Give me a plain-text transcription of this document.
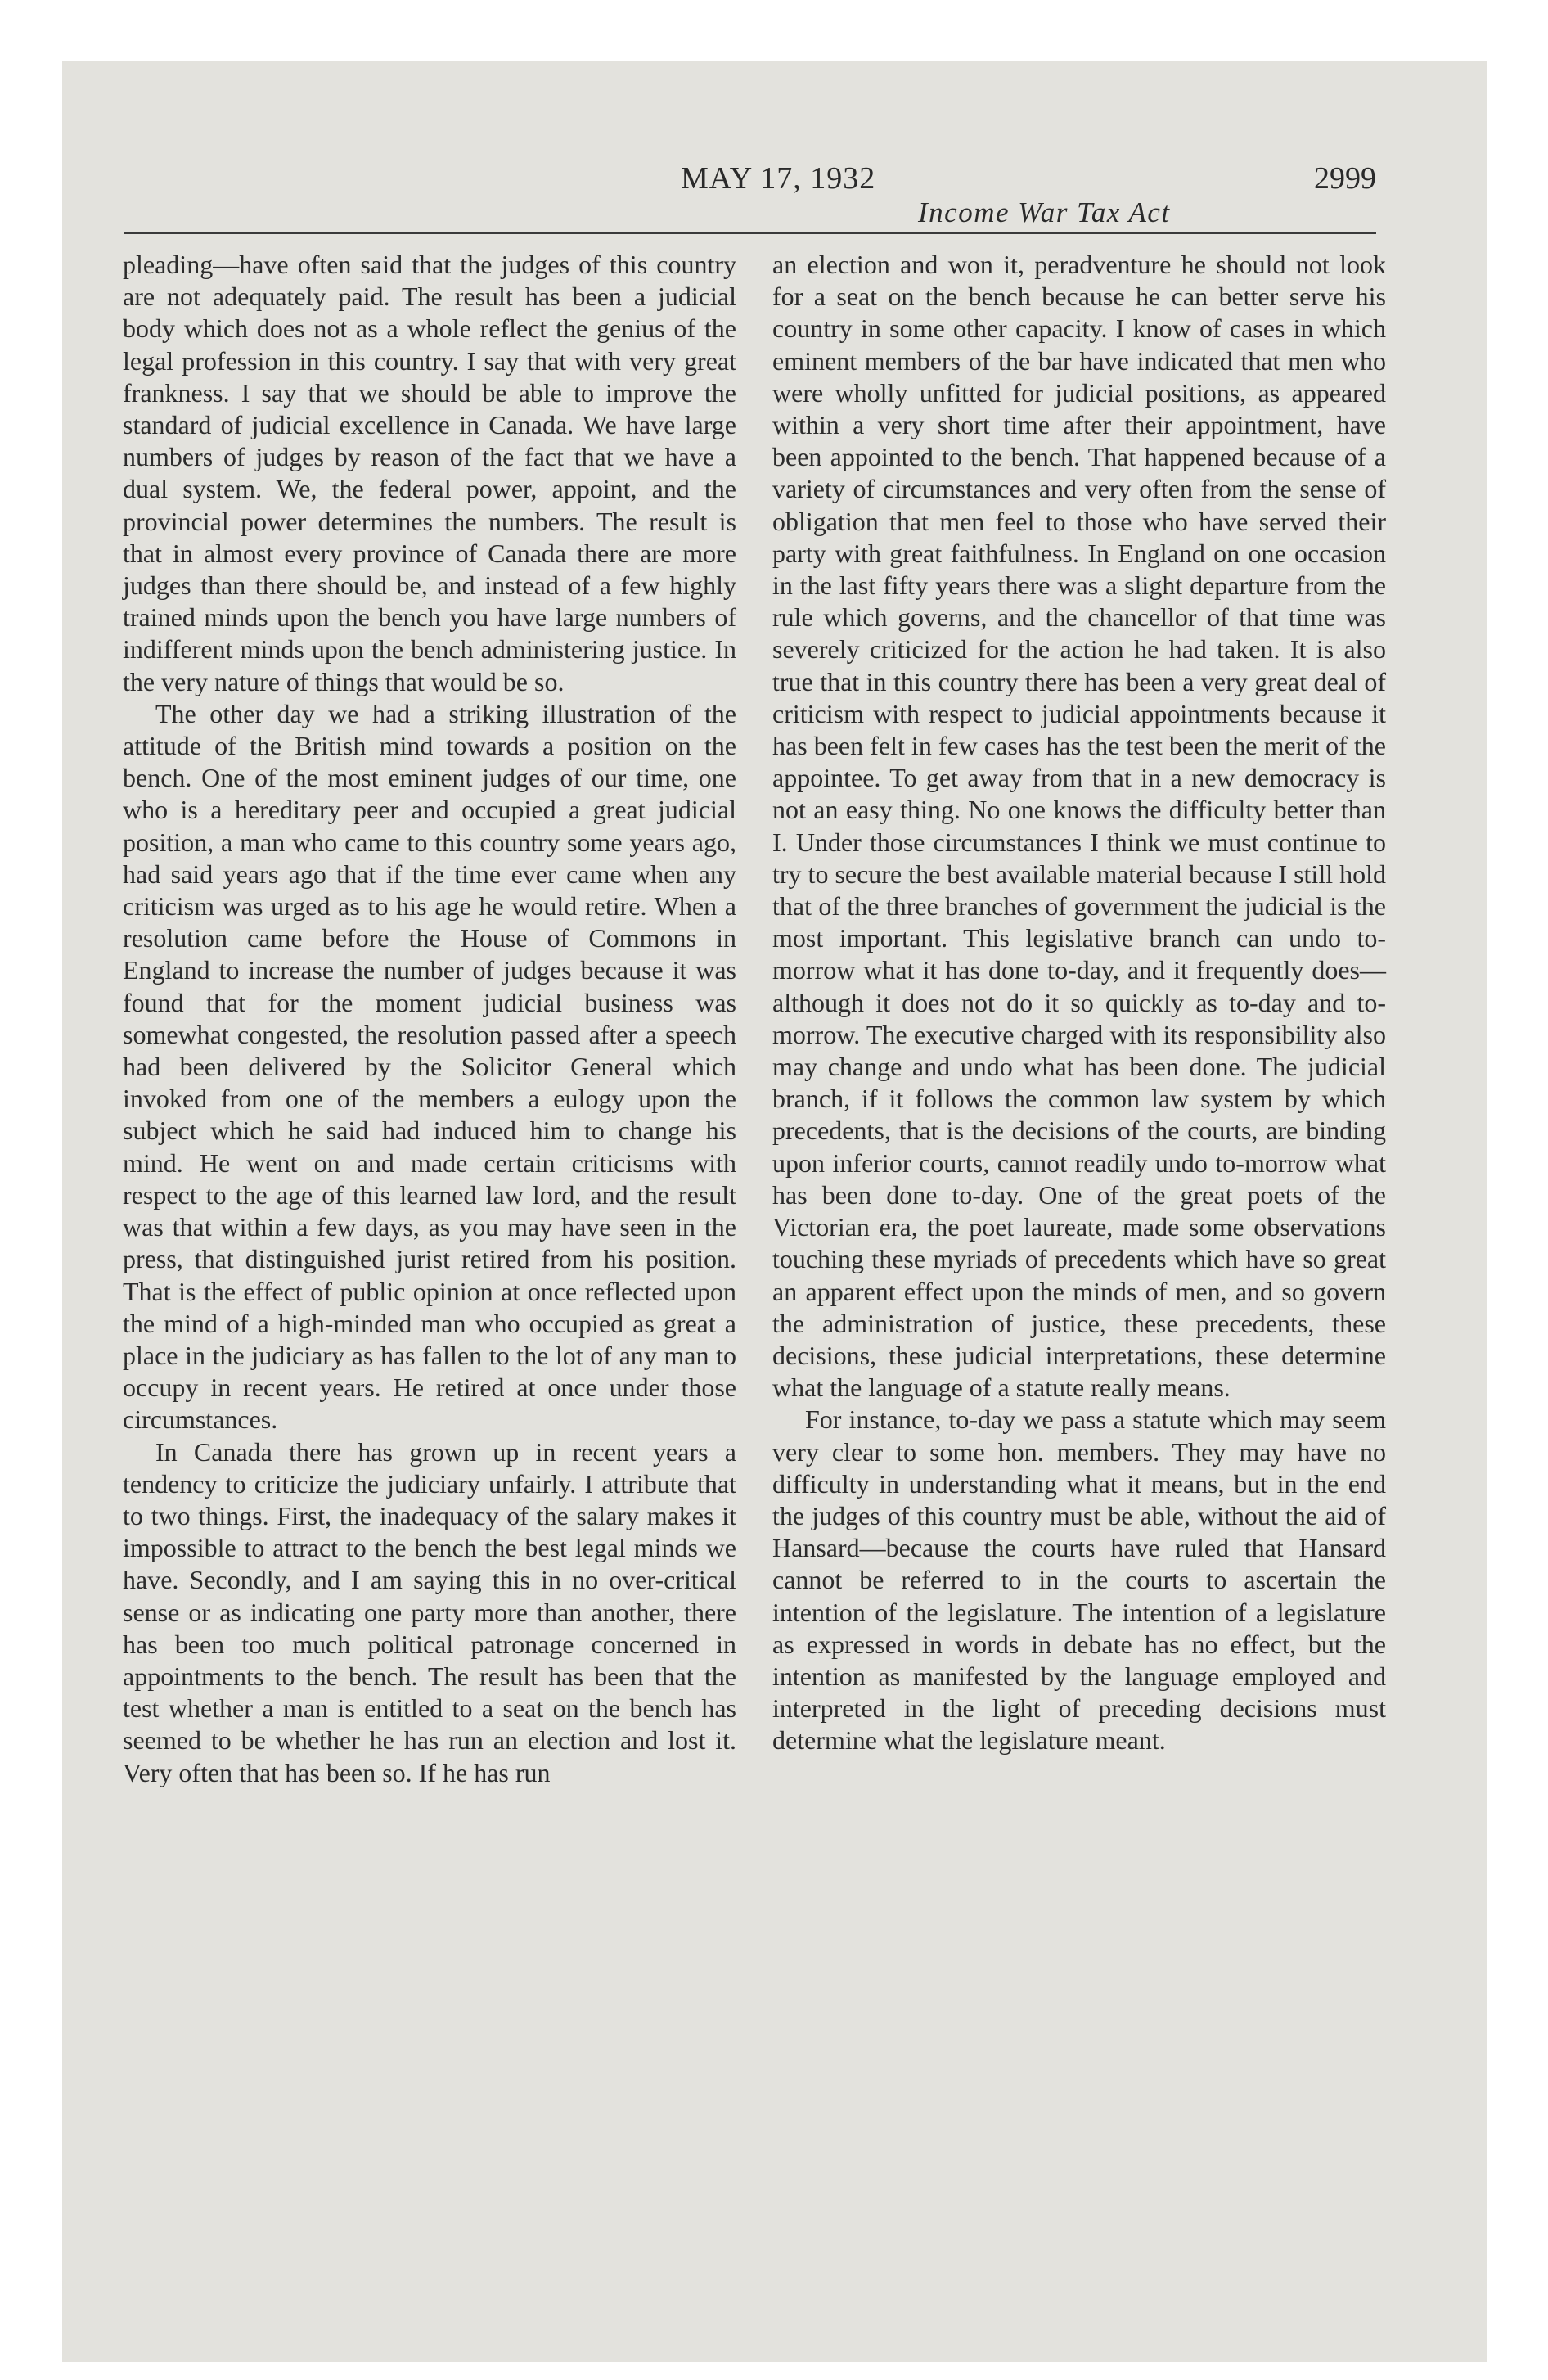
MAY 17, 1932	2999
Income War Tax Act

pleading—have often said that the judges of this country are not adequately paid. The result has been a judicial body which does not as a whole reflect the genius of the legal profession in this country. I say that with very great frankness. I say that we should be able to improve the standard of judicial excellence in Canada. We have large numbers of judges by reason of the fact that we have a dual system. We, the federal power, appoint, and the provincial power determines the numbers. The result is that in almost every province of Canada there are more judges than there should be, and instead of a few highly trained minds upon the bench you have large numbers of indifferent minds upon the bench administering justice. In the very nature of things that would be so.

The other day we had a striking illustration of the attitude of the British mind towards a position on the bench. One of the most eminent judges of our time, one who is a hereditary peer and occupied a great judicial position, a man who came to this country some years ago, had said years ago that if the time ever came when any criticism was urged as to his age he would retire. When a resolution came before the House of Commons in England to increase the number of judges because it was found that for the moment judicial business was somewhat congested, the resolution passed after a speech had been delivered by the Solicitor General which invoked from one of the members a eulogy upon the subject which he said had induced him to change his mind. He went on and made certain criticisms with respect to the age of this learned law lord, and the result was that within a few days, as you may have seen in the press, that distinguished jurist retired from his position. That is the effect of public opinion at once reflected upon the mind of a high-minded man who occupied as great a place in the judiciary as has fallen to the lot of any man to occupy in recent years. He retired at once under those circumstances.

In Canada there has grown up in recent years a tendency to criticize the judiciary unfairly. I attribute that to two things. First, the inadequacy of the salary makes it impossible to attract to the bench the best legal minds we have. Secondly, and I am saying this in no over-critical sense or as indicating one party more than another, there has been too much political patronage concerned in appointments to the bench. The result has been that the test whether a man is entitled to a seat on the bench has seemed to be whether he has run an election and lost it. Very often that has been so. If he has run

an election and won it, peradventure he should not look for a seat on the bench because he can better serve his country in some other capacity. I know of cases in which eminent members of the bar have indicated that men who were wholly unfitted for judicial positions, as appeared within a very short time after their appointment, have been appointed to the bench. That happened because of a variety of circumstances and very often from the sense of obligation that men feel to those who have served their party with great faithfulness. In England on one occasion in the last fifty years there was a slight departure from the rule which governs, and the chancellor of that time was severely criticized for the action he had taken. It is also true that in this country there has been a very great deal of criticism with respect to judicial appointments because it has been felt in few cases has the test been the merit of the appointee. To get away from that in a new democracy is not an easy thing. No one knows the difficulty better than I. Under those circumstances I think we must continue to try to secure the best available material because I still hold that of the three branches of government the judicial is the most important. This legislative branch can undo to-morrow what it has done to-day, and it frequently does—although it does not do it so quickly as to-day and to-morrow. The executive charged with its responsibility also may change and undo what has been done. The judicial branch, if it follows the common law system by which precedents, that is the decisions of the courts, are binding upon inferior courts, cannot readily undo to-morrow what has been done to-day. One of the great poets of the Victorian era, the poet laureate, made some observations touching these myriads of precedents which have so great an apparent effect upon the minds of men, and so govern the administration of justice, these precedents, these decisions, these judicial interpretations, these determine what the language of a statute really means.

For instance, to-day we pass a statute which may seem very clear to some hon. members. They may have no difficulty in understanding what it means, but in the end the judges of this country must be able, without the aid of Hansard—because the courts have ruled that Hansard cannot be referred to in the courts to ascertain the intention of the legislature. The intention of a legislature as expressed in words in debate has no effect, but the intention as manifested by the language employed and interpreted in the light of preceding decisions must determine what the legislature meant.
